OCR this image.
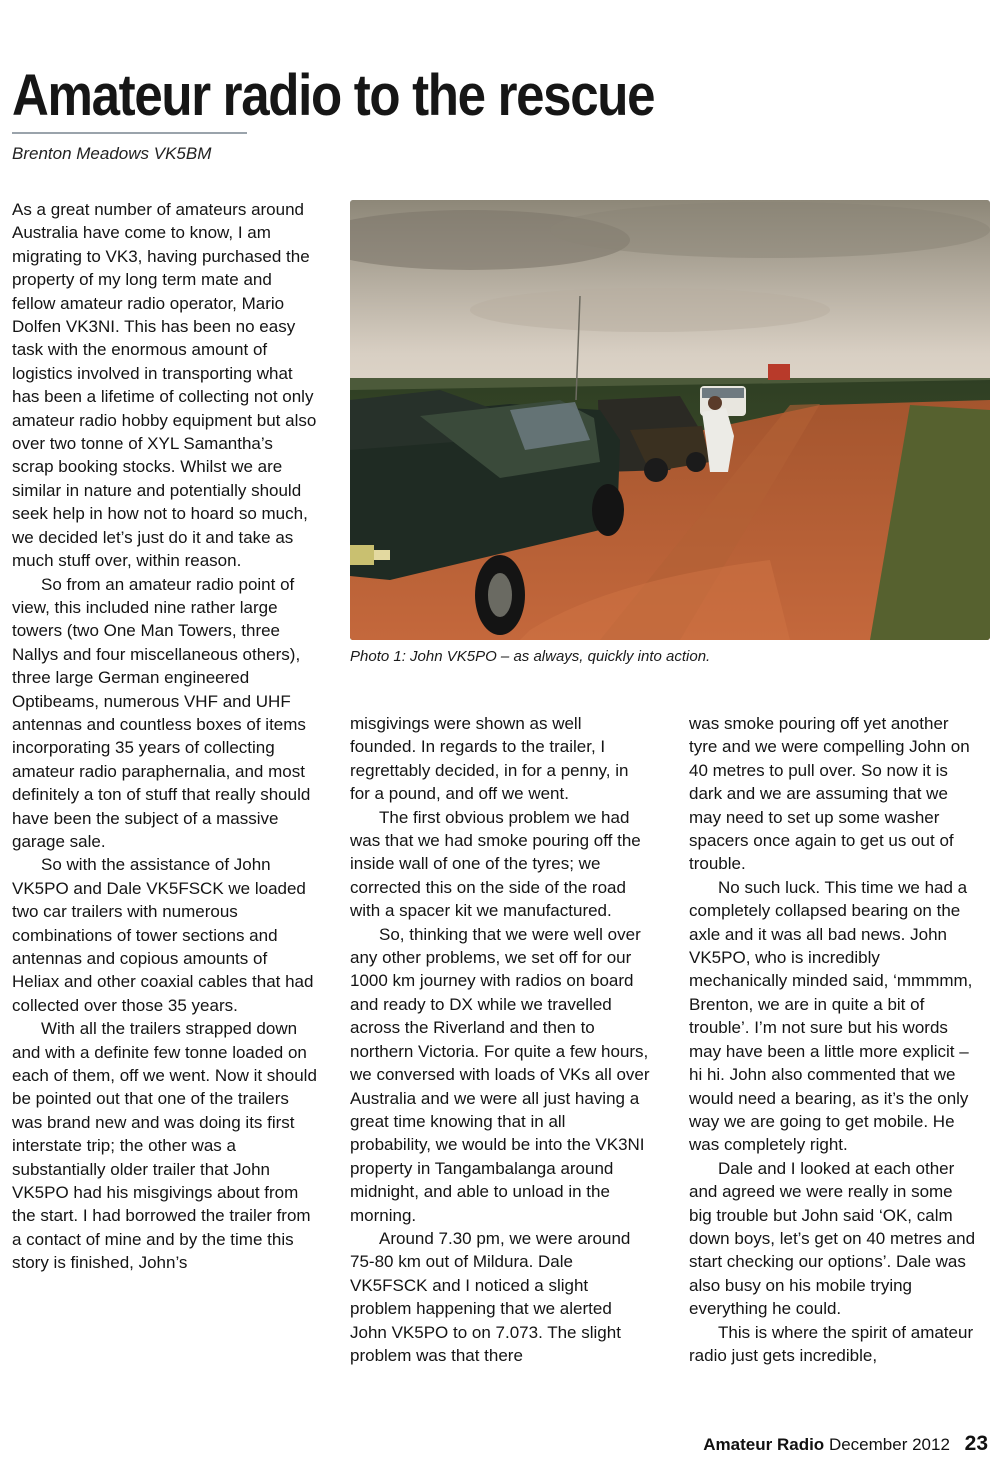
Amateur radio to the rescue
Brenton Meadows VK5BM

As a great number of amateurs around Australia have come to know, I am migrating to VK3, having purchased the property of my long term mate and fellow amateur radio operator, Mario Dolfen VK3NI. This has been no easy task with the enormous amount of logistics involved in transporting what has been a lifetime of collecting not only amateur radio hobby equipment but also over two tonne of XYL Samantha’s scrap booking stocks. Whilst we are similar in nature and potentially should seek help in how not to hoard so much, we decided let’s just do it and take as much stuff over, within reason.

So from an amateur radio point of view, this included nine rather large towers (two One Man Towers, three Nallys and four miscellaneous others), three large German engineered Optibeams, numerous VHF and UHF antennas and countless boxes of items incorporating 35 years of collecting amateur radio paraphernalia, and most definitely a ton of stuff that really should have been the subject of a massive garage sale.

So with the assistance of John VK5PO and Dale VK5FSCK we loaded two car trailers with numerous combinations of tower sections and antennas and copious amounts of Heliax and other coaxial cables that had collected over those 35 years.

With all the trailers strapped down and with a definite few tonne loaded on each of them, off we went. Now it should be pointed out that one of the trailers was brand new and was doing its first interstate trip; the other was a substantially older trailer that John VK5PO had his misgivings about from the start. I had borrowed the trailer from a contact of mine and by the time this story is finished, John’s

Photo 1: John VK5PO – as always, quickly into action.

misgivings were shown as well founded. In regards to the trailer, I regrettably decided, in for a penny, in for a pound, and off we went.

The first obvious problem we had was that we had smoke pouring off the inside wall of one of the tyres; we corrected this on the side of the road with a spacer kit we manufactured.

So, thinking that we were well over any other problems, we set off for our 1000 km journey with radios on board and ready to DX while we travelled across the Riverland and then to northern Victoria. For quite a few hours, we conversed with loads of VKs all over Australia and we were all just having a great time knowing that in all probability, we would be into the VK3NI property in Tangambalanga around midnight, and able to unload in the morning.

Around 7.30 pm, we were around 75-80 km out of Mildura. Dale VK5FSCK and I noticed a slight problem happening that we alerted John VK5PO to on 7.073. The slight problem was that there

was smoke pouring off yet another tyre and we were compelling John on 40 metres to pull over. So now it is dark and we are assuming that we may need to set up some washer spacers once again to get us out of trouble.

No such luck. This time we had a completely collapsed bearing on the axle and it was all bad news. John VK5PO, who is incredibly mechanically minded said, ‘mmmmm, Brenton, we are in quite a bit of trouble’. I’m not sure but his words may have been a little more explicit – hi hi. John also commented that we would need a bearing, as it’s the only way we are going to get mobile. He was completely right.

Dale and I looked at each other and agreed we were really in some big trouble but John said ‘OK, calm down boys, let’s get on 40 metres and start checking our options’. Dale was also busy on his mobile trying everything he could.

This is where the spirit of amateur radio just gets incredible,

Amateur Radio December 2012 23
